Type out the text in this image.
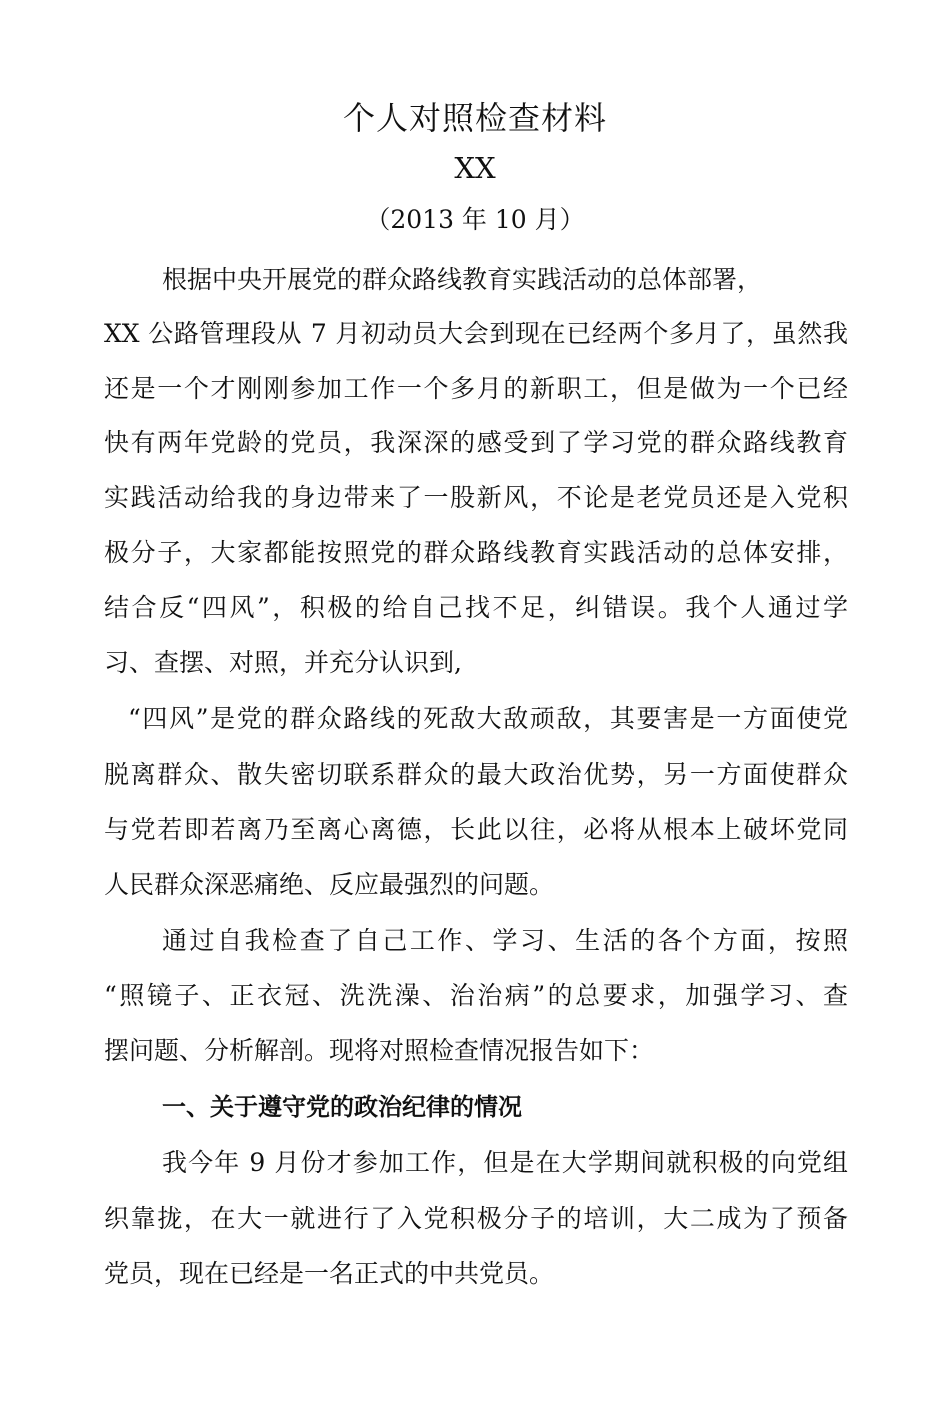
个人对照检查材料
XX
（2013 年 10 月）
根据中央开展党的群众路线教育实践活动的总体部署，
XX 公路管理段从 7 月初动员大会到现在已经两个多月了，虽然我
还是一个才刚刚参加工作一个多月的新职工，但是做为一个已经
快有两年党龄的党员，我深深的感受到了学习党的群众路线教育
实践活动给我的身边带来了一股新风，不论是老党员还是入党积
极分子，大家都能按照党的群众路线教育实践活动的总体安排，
结合反“四风”，积极的给自己找不足，纠错误。我个人通过学
习、查摆、对照，并充分认识到,
“四风”是党的群众路线的死敌大敌顽敌，其要害是一方面使党
脱离群众、散失密切联系群众的最大政治优势，另一方面使群众
与党若即若离乃至离心离德，长此以往，必将从根本上破坏党同
人民群众深恶痛绝、反应最强烈的问题。
通过自我检查了自己工作、学习、生活的各个方面，按照
“照镜子、正衣冠、洗洗澡、治治病”的总要求，加强学习、查
摆问题、分析解剖。现将对照检查情况报告如下：
一、关于遵守党的政治纪律的情况
我今年 9 月份才参加工作，但是在大学期间就积极的向党组
织靠拢，在大一就进行了入党积极分子的培训，大二成为了预备
党员，现在已经是一名正式的中共党员。
